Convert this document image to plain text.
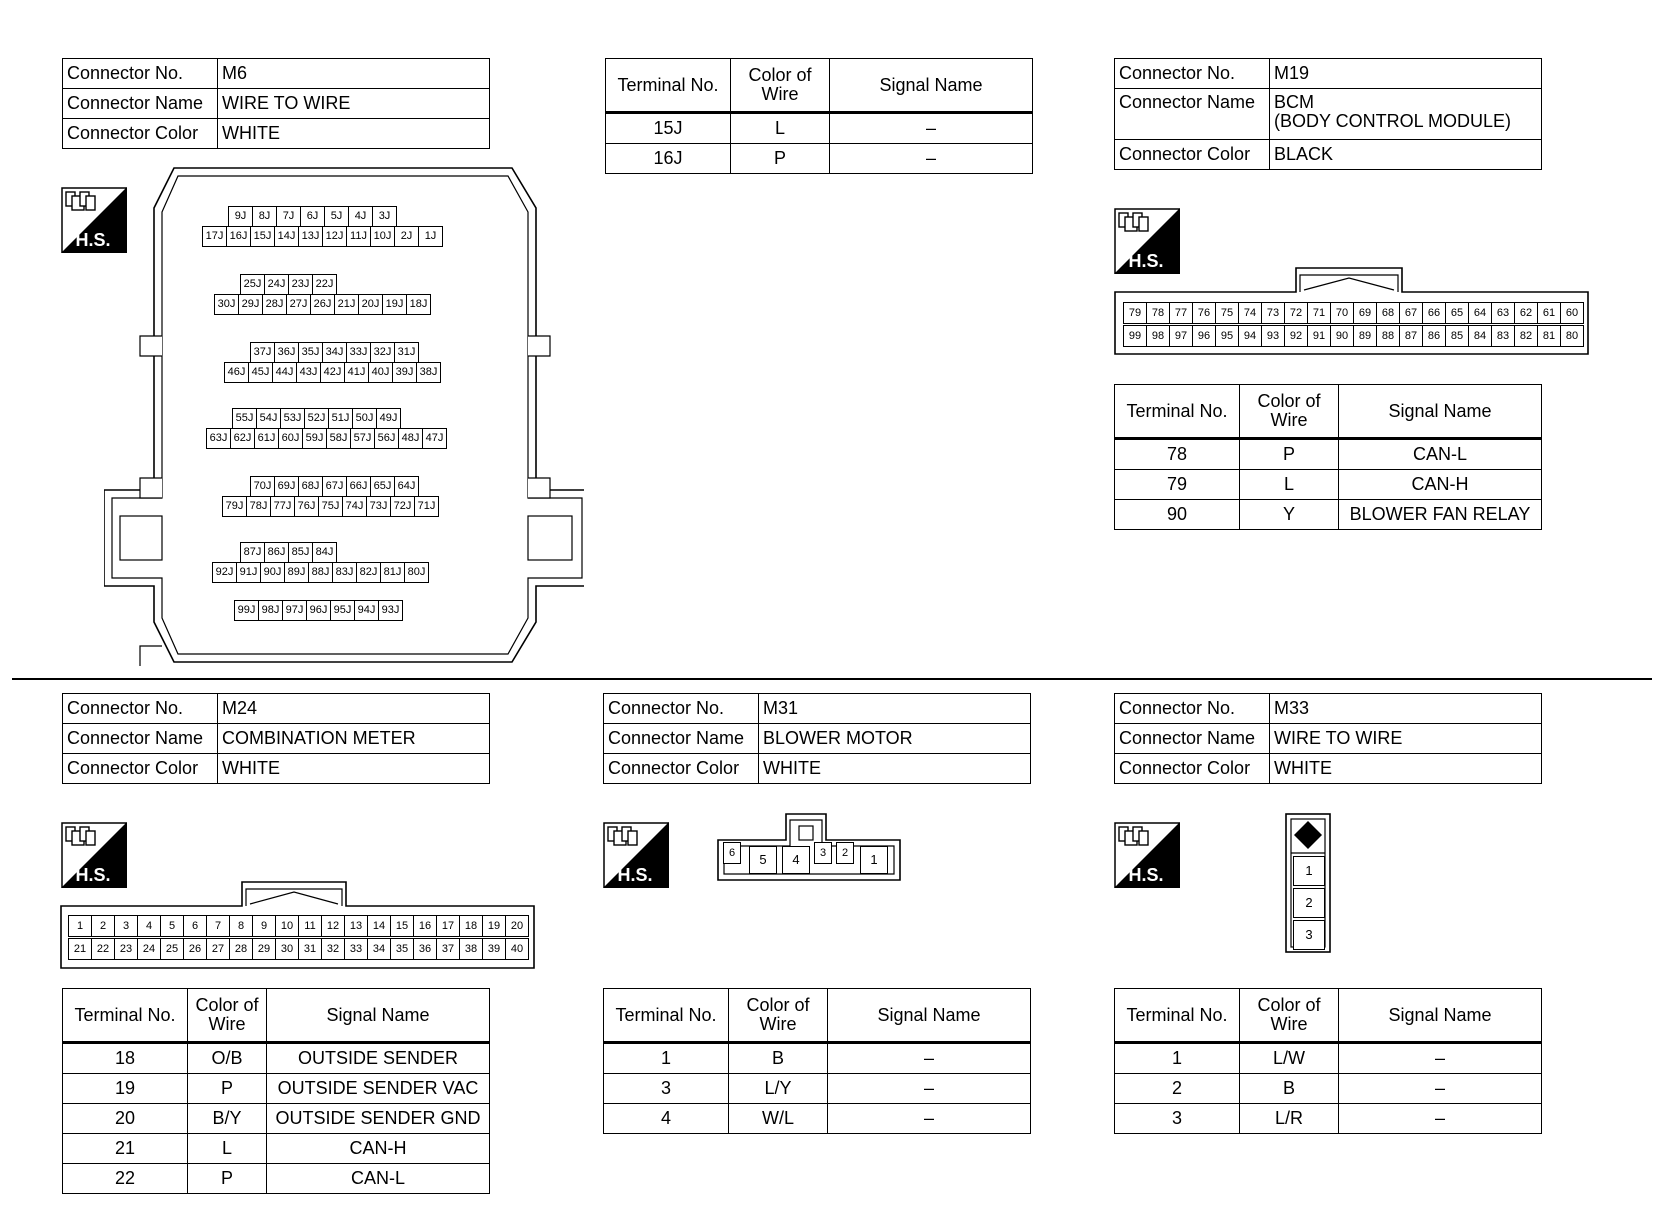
Connector No.	M6
Connector Name	WIRE TO WIRE
Connector Color	WHITE
H.S.
9J	8J	7J	6J	5J	4J	3J
17J 16J 15J 14J 13J 12J 11J 10J 2J	1J
25J 24J 23J 22J
30J 29J 28J 27J 26J 21J 20J 19J 18J
37J 36J 35J 34J 33J 32J 31J
46J 45J 44J 43J 42J 41J 40J 39J 38J
55J 54J 53J 52J 51J 50J 49J
63J 62J 61J 60J 59J 58J 57J 56J 48J 47J
70J 69J 68J 67J 66J 65J 64J
79J 78J 77J 76J 75J 74J 73J 72J 71J
87J 86J 85J 84J
92J 91J 90J 89J 88J 83J 82J 81J 80J
99J 98J 97J 96J 95J 94J 93J
Terminal No.	Color of Wire	Signal Name
15J	L	–
16J	P	–
Connector No.	M19
Connector Name	BCM
(BODY CONTROL MODULE)
Connector Color	BLACK
H.S.
79 78 77 76 75 74 73 72 71 70 69 68 67 66 65 64 63 62 61 60
99 98 97 96 95 94 93 92 91 90 89 88 87 86 85 84 83 82 81 80
Terminal No.	Color of Wire	Signal Name
78	P	CAN-L
79	L	CAN-H
90	Y	BLOWER FAN RELAY
Connector No.	M24
Connector Name	COMBINATION METER
Connector Color	WHITE
H.S.
1	2	3	4	5	6	7	8	9	10	11	12 13 14 15 16 17 18 19 20
21 22 23 24 25 26 27 28 29 30 31 32 33 34 35 36 37 38 39 40
Terminal No.	Color of Wire	Signal Name
18	O/B	OUTSIDE SENDER
19	P	OUTSIDE SENDER VAC
20	B/Y	OUTSIDE SENDER GND
21	L	CAN-H
22	P	CAN-L
Connector No.	M31
Connector Name	BLOWER MOTOR
Connector Color	WHITE
H.S.
6	5	4	3	2	1
Terminal No.	Color of Wire	Signal Name
1	B	–
3	L/Y	–
4	W/L	–
Connector No.	M33
Connector Name	WIRE TO WIRE
Connector Color	WHITE
H.S.	1
2
3
Terminal No.	Color of Wire	Signal Name
1	L/W	–
2	B	–
3	L/R	–
